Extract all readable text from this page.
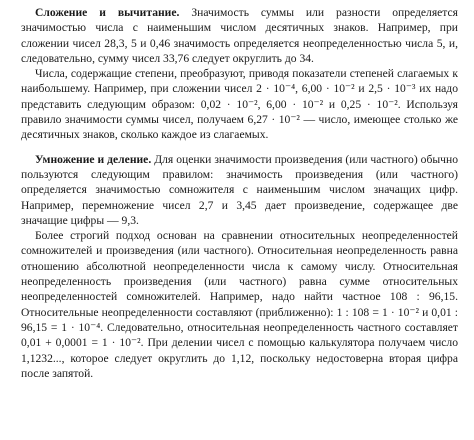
Сложение и вычитание. Значимость суммы или разности определяется значимостью числа с наименьшим числом десятичных знаков. Например, при сложении чисел 28,3, 5 и 0,46 значимость определяется неопределенностью числа 5, и, следовательно, сумму чисел 33,76 следует округлить до 34.

Числа, содержащие степени, преобразуют, приводя показатели степеней слагаемых к наибольшему. Например, при сложении чисел 2 · 10⁻⁴, 6,00 · 10⁻² и 2,5 · 10⁻³ их надо представить следующим образом: 0,02 · 10⁻², 6,00 · 10⁻² и 0,25 · 10⁻². Используя правило значимости суммы чисел, получаем 6,27 · 10⁻² — число, имеющее столько же десятичных знаков, сколько каждое из слагаемых.

Умножение и деление. Для оценки значимости произведения (или частного) обычно пользуются следующим правилом: значимость произведения (или частного) определяется значимостью сомножителя с наименьшим числом значащих цифр. Например, перемножение чисел 2,7 и 3,45 дает произведение, содержащее две значащие цифры — 9,3.

Более строгий подход основан на сравнении относительных неопределенностей сомножителей и произведения (или частного). Относительная неопределенность равна отношению абсолютной неопределенности числа к самому числу. Относительная неопределенность произведения (или частного) равна сумме относительных неопределенностей сомножителей. Например, надо найти частное 108 : 96,15. Относительные неопределенности составляют (приближенно): 1 : 108 = 1 · 10⁻² и 0,01 : 96,15 = 1 · 10⁻⁴. Следовательно, относительная неопределенность частного составляет 0,01 + 0,0001 = 1 · 10⁻². При делении чисел с помощью калькулятора получаем число 1,1232..., которое следует округлить до 1,12, поскольку недостоверна вторая цифра после запятой.
